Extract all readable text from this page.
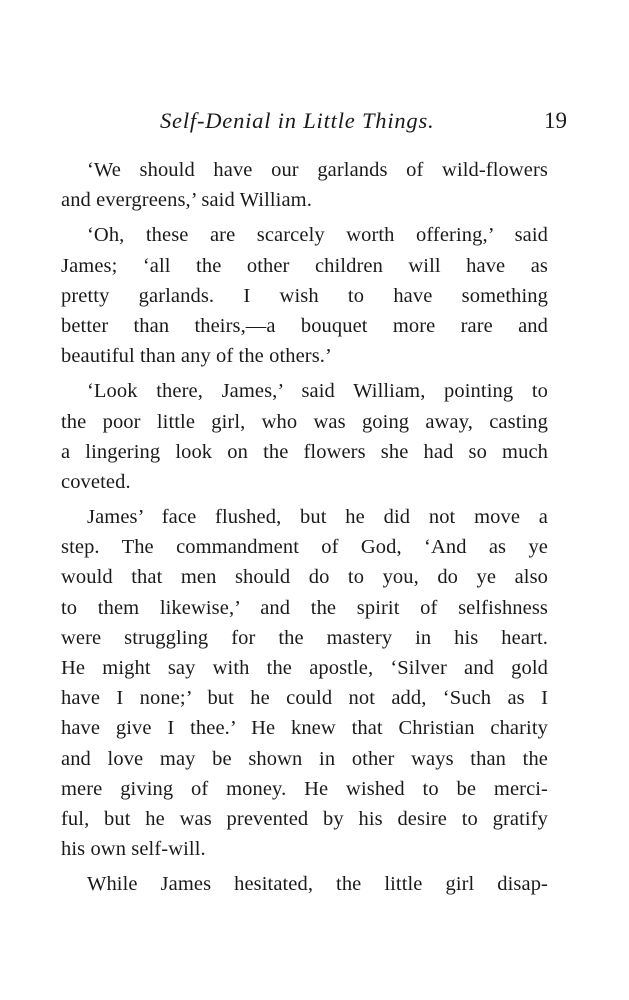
Self-Denial in Little Things.	19
‘We should have our garlands of wild-flowers
and evergreens,’ said William.
‘Oh, these are scarcely worth offering,’ said
James; ‘all the other children will have as
pretty garlands. I wish to have something
better than theirs,—a bouquet more rare and
beautiful than any of the others.’
‘Look there, James,’ said William, pointing to
the poor little girl, who was going away, casting
a lingering look on the flowers she had so much
coveted.
James’ face flushed, but he did not move a
step. The commandment of God, ‘And as ye
would that men should do to you, do ye also
to them likewise,’ and the spirit of selfishness
were struggling for the mastery in his heart.
He might say with the apostle, ‘Silver and gold
have I none;’ but he could not add, ‘Such as I
have give I thee.’ He knew that Christian charity
and love may be shown in other ways than the
mere giving of money. He wished to be merci-
ful, but he was prevented by his desire to gratify
his own self-will.
While James hesitated, the little girl disap-
